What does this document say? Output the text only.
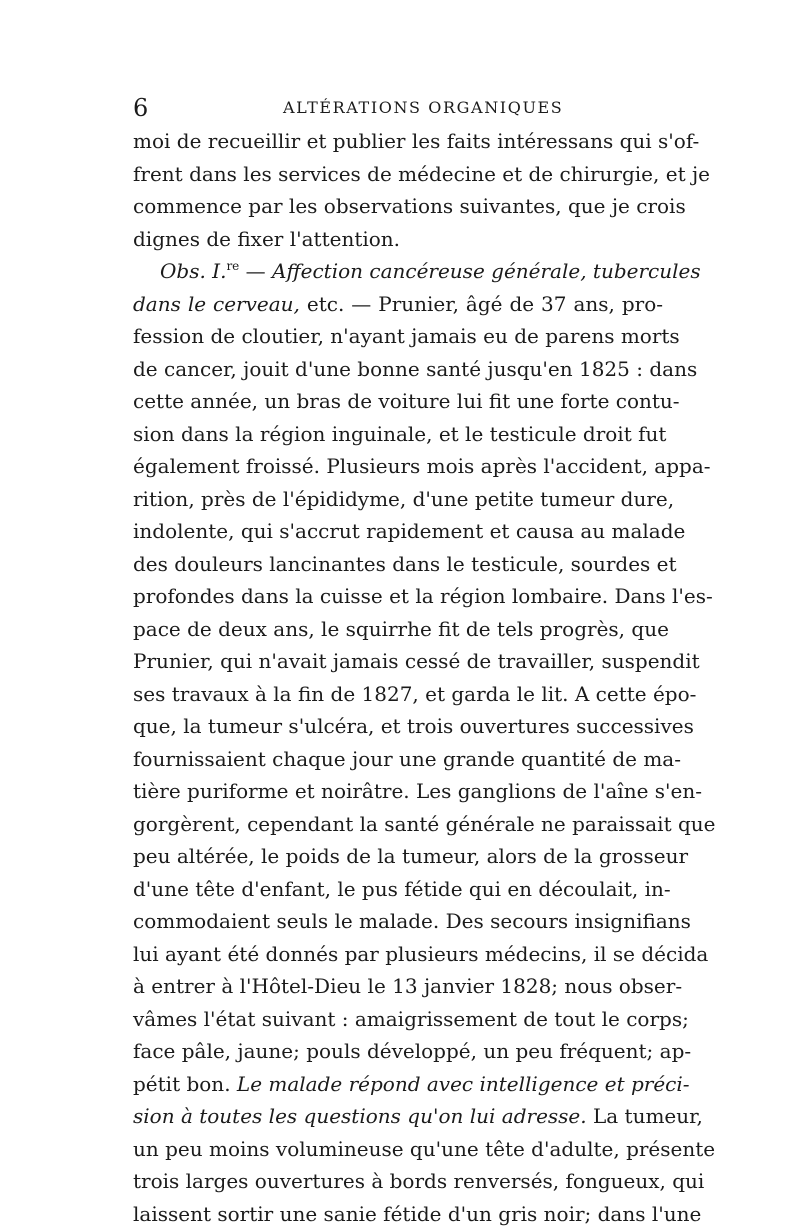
6	ALTÉRATIONS ORGANIQUES
moi de recueillir et publier les faits intéressans qui s'of-
frent dans les services de médecine et de chirurgie, et je
commence par les observations suivantes, que je crois
dignes de fixer l'attention.
Obs. I.$^{re}$ — Affection cancéreuse générale, tubercules
dans le cerveau, etc. — Prunier, âgé de 37 ans, pro-
fession de cloutier, n'ayant jamais eu de parens morts
de cancer, jouit d'une bonne santé jusqu'en 1825 : dans
cette année, un bras de voiture lui fit une forte contu-
sion dans la région inguinale, et le testicule droit fut
également froissé. Plusieurs mois après l'accident, appa-
rition, près de l'épididyme, d'une petite tumeur dure,
indolente, qui s'accrut rapidement et causa au malade
des douleurs lancinantes dans le testicule, sourdes et
profondes dans la cuisse et la région lombaire. Dans l'es-
pace de deux ans, le squirrhe fit de tels progrès, que
Prunier, qui n'avait jamais cessé de travailler, suspendit
ses travaux à la fin de 1827, et garda le lit. A cette épo-
que, la tumeur s'ulcéra, et trois ouvertures successives
fournissaient chaque jour une grande quantité de ma-
tière puriforme et noirâtre. Les ganglions de l'aîne s'en-
gorgèrent, cependant la santé générale ne paraissait que
peu altérée, le poids de la tumeur, alors de la grosseur
d'une tête d'enfant, le pus fétide qui en découlait, in-
commodaient seuls le malade. Des secours insignifians
lui ayant été donnés par plusieurs médecins, il se décida
à entrer à l'Hôtel-Dieu le 13 janvier 1828; nous obser-
vâmes l'état suivant : amaigrissement de tout le corps;
face pâle, jaune; pouls développé, un peu fréquent; ap-
pétit bon. Le malade répond avec intelligence et préci-
sion à toutes les questions qu'on lui adresse. La tumeur,
un peu moins volumineuse qu'une tête d'adulte, présente
trois larges ouvertures à bords renversés, fongueux, qui
laissent sortir une sanie fétide d'un gris noir; dans l'une
